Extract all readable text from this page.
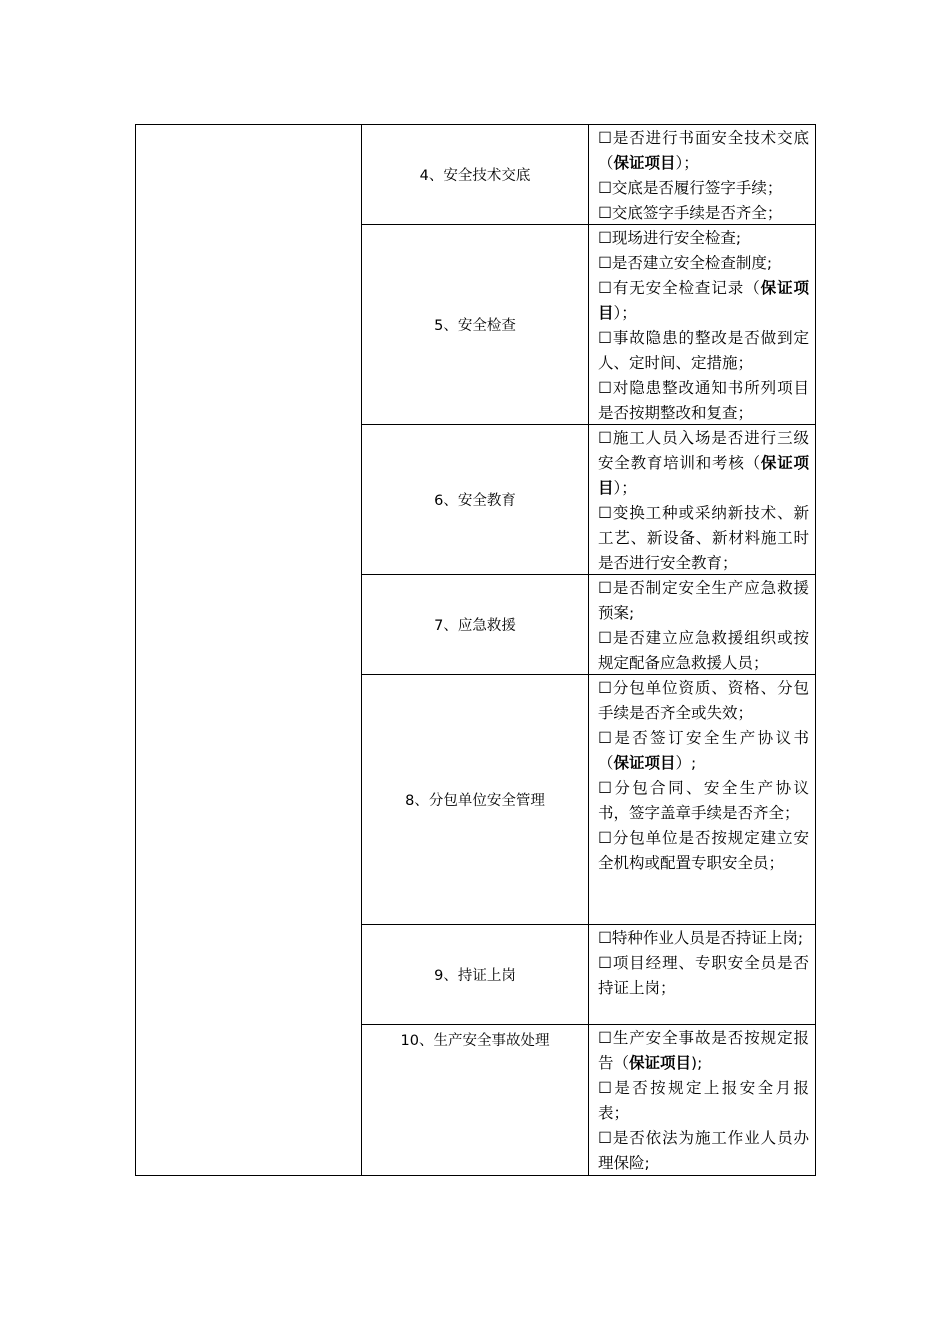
4、安全技术交底
☐是否进行书面安全技术交底（保证项目）；
☐交底是否履行签字手续；
☐交底签字手续是否齐全；
5、安全检查
☐现场进行安全检查;
☐是否建立安全检查制度;
☐有无安全检查记录（保证项目）；
☐事故隐患的整改是否做到定人、定时间、定措施；
☐对隐患整改通知书所列项目是否按期整改和复查；
6、安全教育
☐施工人员入场是否进行三级安全教育培训和考核（保证项目）；
☐变换工种或采纳新技术、新工艺、新设备、新材料施工时是否进行安全教育；
7、应急救援
☐是否制定安全生产应急救援预案;
☐是否建立应急救援组织或按规定配备应急救援人员；
8、分包单位安全管理
☐分包单位资质、资格、分包手续是否齐全或失效；
☐是否签订安全生产协议书（保证项目）;
☐分包合同、安全生产协议书，签字盖章手续是否齐全；
☐分包单位是否按规定建立安全机构或配置专职安全员；
9、持证上岗
☐特种作业人员是否持证上岗;
☐项目经理、专职安全员是否持证上岗；
10、生产安全事故处理	☐生产安全事故是否按规定报告（保证项目);
☐是否按规定上报安全月报表；
☐是否依法为施工作业人员办理保险;
